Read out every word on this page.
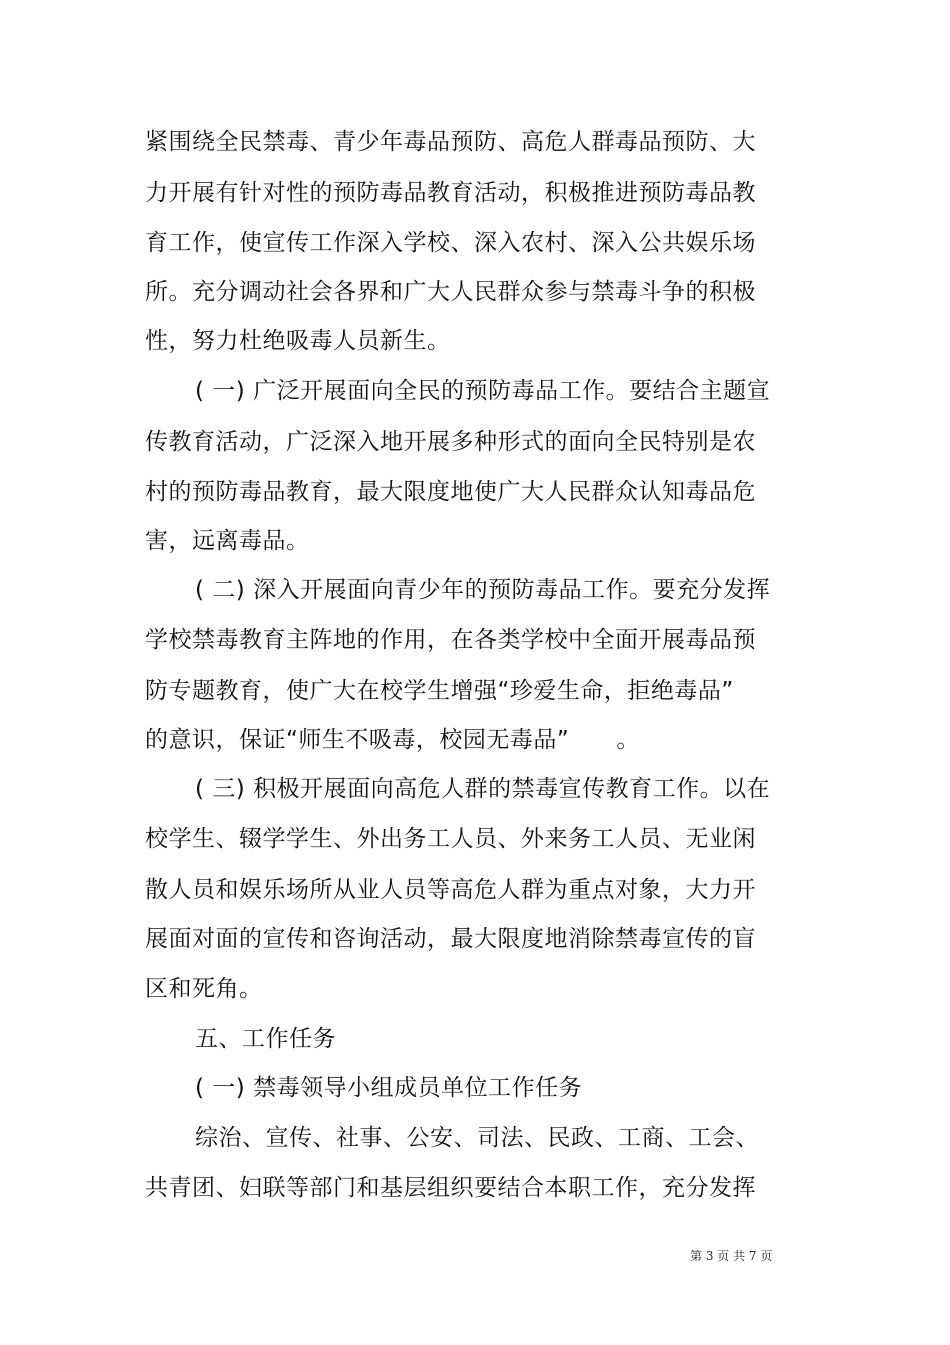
紧围绕全民禁毒、青少年毒品预防、高危人群毒品预防、大
力开展有针对性的预防毒品教育活动，积极推进预防毒品教
育工作，使宣传工作深入学校、深入农村、深入公共娱乐场
所。充分调动社会各界和广大人民群众参与禁毒斗争的积极
性，努力杜绝吸毒人员新生。
( 一) 广泛开展面向全民的预防毒品工作。要结合主题宣
传教育活动，广泛深入地开展多种形式的面向全民特别是农
村的预防毒品教育，最大限度地使广大人民群众认知毒品危
害，远离毒品。
( 二) 深入开展面向青少年的预防毒品工作。要充分发挥
学校禁毒教育主阵地的作用，在各类学校中全面开展毒品预
防专题教育，使广大在校学生增强“珍爱生命，拒绝毒品”
的意识，保证“师生不吸毒，校园无毒品”　　。
( 三) 积极开展面向高危人群的禁毒宣传教育工作。以在
校学生、辍学学生、外出务工人员、外来务工人员、无业闲
散人员和娱乐场所从业人员等高危人群为重点对象，大力开
展面对面的宣传和咨询活动，最大限度地消除禁毒宣传的盲
区和死角。
五、工作任务
( 一) 禁毒领导小组成员单位工作任务
综治、宣传、社事、公安、司法、民政、工商、工会、
共青团、妇联等部门和基层组织要结合本职工作，充分发挥
第 3 页 共 7 页
